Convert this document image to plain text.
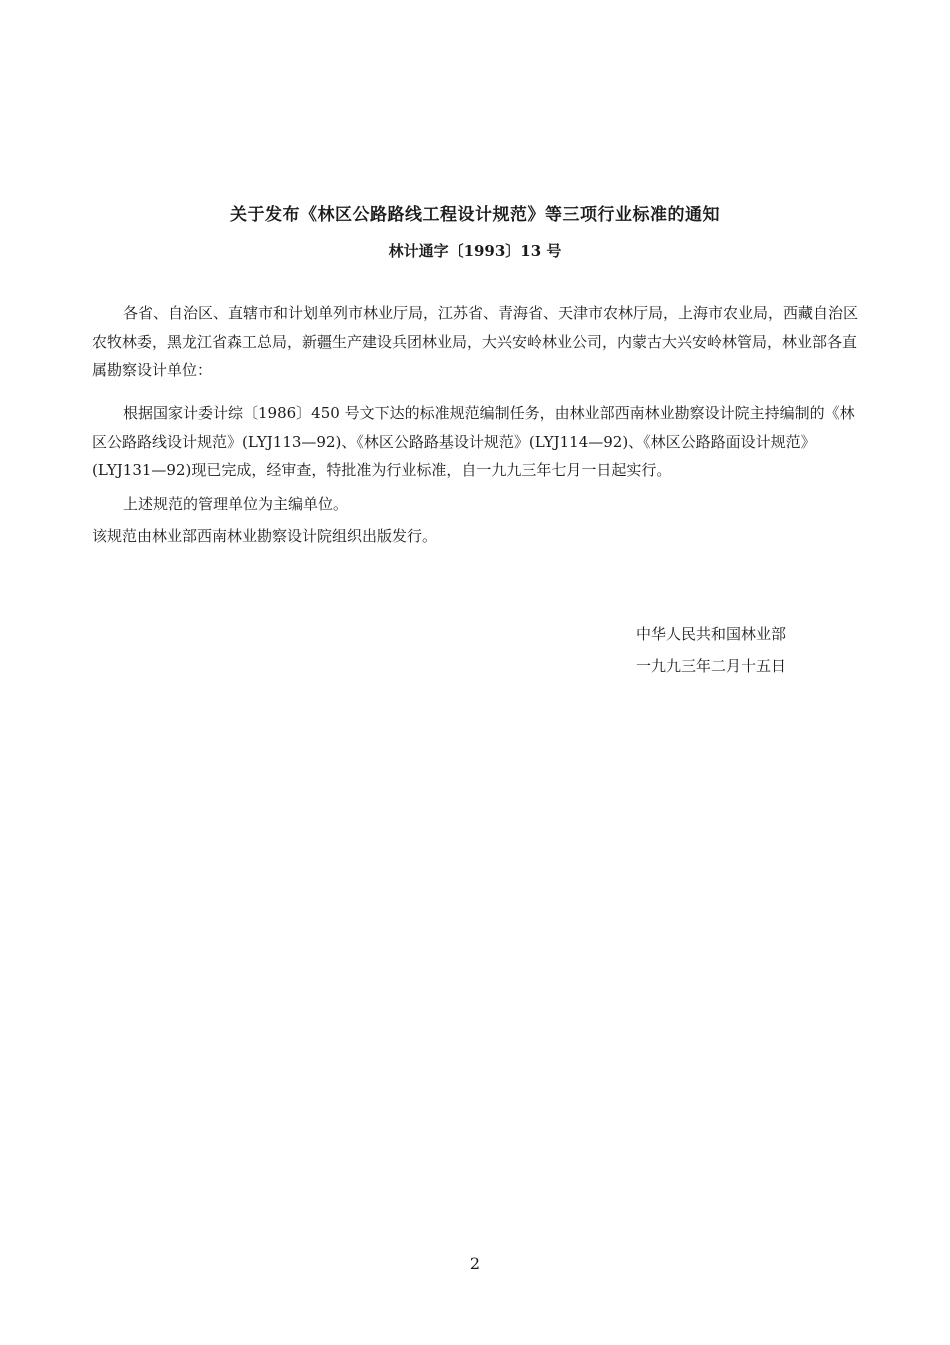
关于发布《林区公路路线工程设计规范》等三项行业标准的通知
林计通字〔1993〕13 号
各省、自治区、直辖市和计划单列市林业厅局，江苏省、青海省、天津市农林厅局，上海市农业局，西藏自治区农牧林委，黑龙江省森工总局，新疆生产建设兵团林业局，大兴安岭林业公司，内蒙古大兴安岭林管局，林业部各直属勘察设计单位：
根据国家计委计综〔1986〕450 号文下达的标准规范编制任务，由林业部西南林业勘察设计院主持编制的《林区公路路线设计规范》(LYJ113—92)、《林区公路路基设计规范》(LYJ114—92)、《林区公路路面设计规范》(LYJ131—92)现已完成，经审查，特批准为行业标准，自一九九三年七月一日起实行。
上述规范的管理单位为主编单位。
该规范由林业部西南林业勘察设计院组织出版发行。
中华人民共和国林业部
一九九三年二月十五日
2
